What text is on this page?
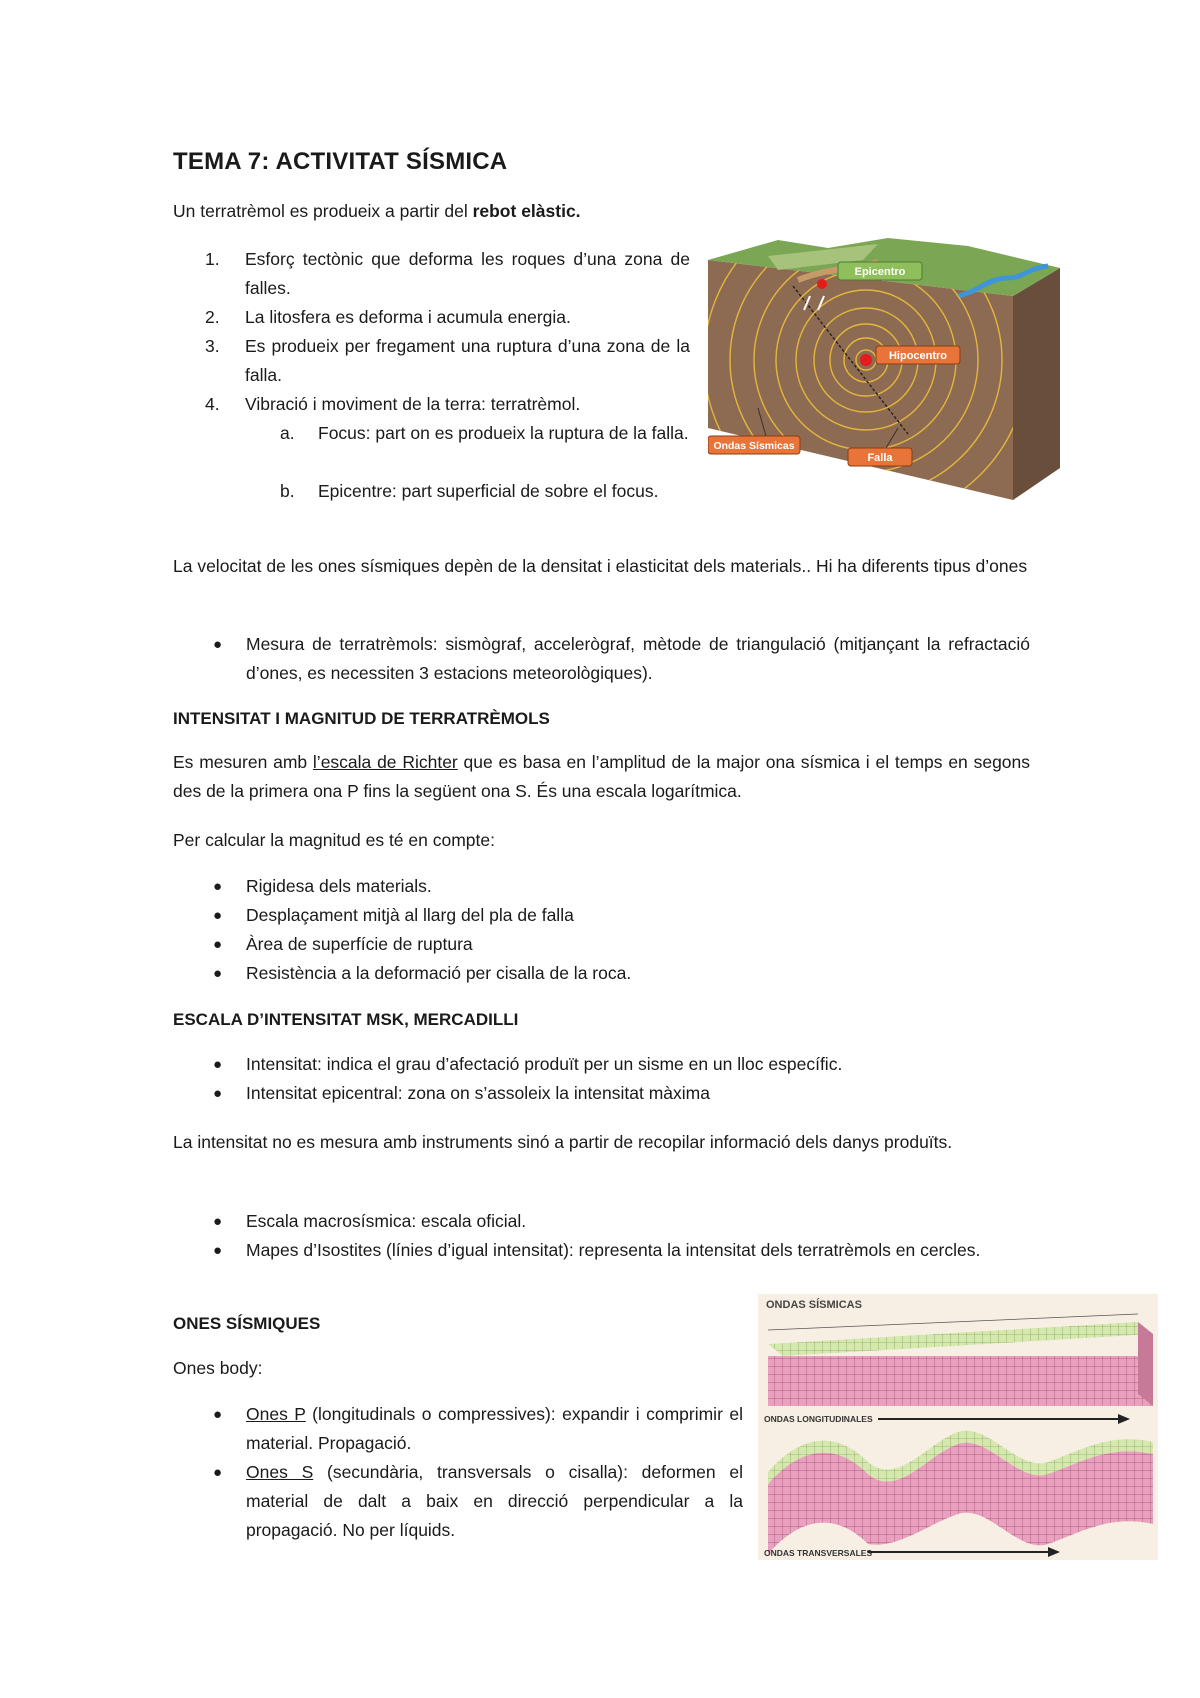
TEMA 7: ACTIVITAT SÍSMICA
Un terratrèmol es produeix a partir del rebot elàstic.
1. Esforç tectònic que deforma les roques d’una zona de falles.
2. La litosfera es deforma i acumula energia.
3. Es produeix per fregament una ruptura d’una zona de la falla.
4. Vibració i moviment de la terra: terratrèmol.
a. Focus: part on es produeix la ruptura de la falla.
b. Epicentre: part superficial de sobre el focus.
Epicentro
Hipocentro
Ondas Sísmicas
Falla
La velocitat de les ones sísmiques depèn de la densitat i elasticitat dels materials.. Hi ha diferents tipus d’ones
● Mesura de terratrèmols: sismògraf, accelerògraf, mètode de triangulació (mitjançant la refractació d’ones, es necessiten 3 estacions meteorològiques).
INTENSITAT I MAGNITUD DE TERRATRÈMOLS
Es mesuren amb l’escala de Richter que es basa en l’amplitud de la major ona sísmica i el temps en segons des de la primera ona P fins la següent ona S. És una escala logarítmica.
Per calcular la magnitud es té en compte:
● Rigidesa dels materials.
● Desplaçament mitjà al llarg del pla de falla
● Àrea de superfície de ruptura
● Resistència a la deformació per cisalla de la roca.
ESCALA D’INTENSITAT MSK, MERCADILLI
● Intensitat: indica el grau d’afectació produït per un sisme en un lloc específic.
● Intensitat epicentral: zona on s’assoleix la intensitat màxima
La intensitat no es mesura amb instruments sinó a partir de recopilar informació dels danys produïts.
● Escala macrosísmica: escala oficial.
● Mapes d’Isostites (línies d’igual intensitat): representa la intensitat dels terratrèmols en cercles.
ONES SÍSMIQUES
Ones body:
● Ones P (longitudinals o compressives): expandir i comprimir el material. Propagació.
● Ones S (secundària, transversals o cisalla): deformen el material de dalt a baix en direcció perpendicular a la propagació. No per líquids.
ONDAS SÍSMICAS
ONDAS LONGITUDINALES
ONDAS TRANSVERSALES
